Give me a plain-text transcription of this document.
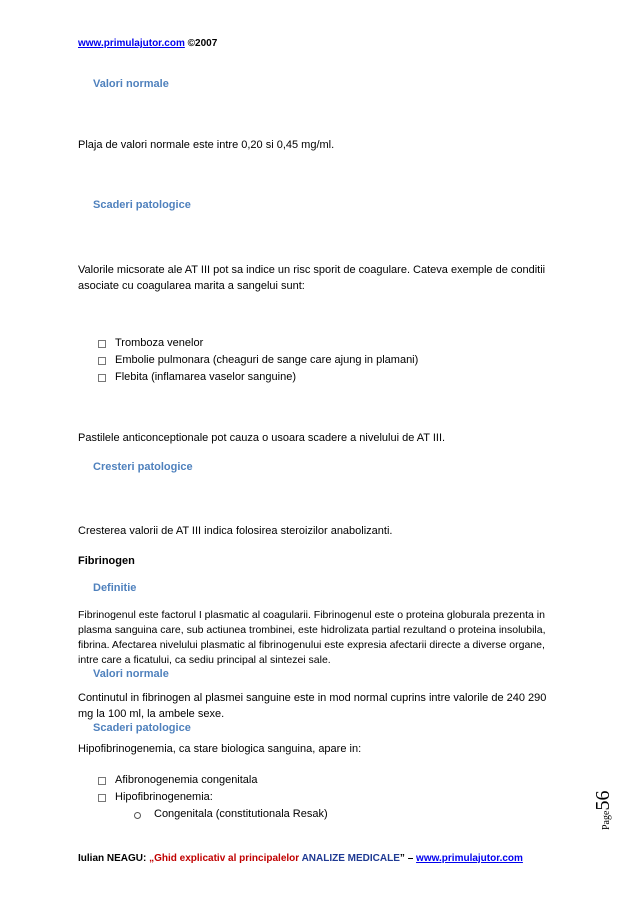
www.primulajutor.com ©2007
Valori normale
Plaja de valori normale este intre 0,20 si 0,45 mg/ml.
Scaderi patologice
Valorile micsorate ale AT III pot sa indice un risc sporit de coagulare. Cateva exemple de conditii asociate cu coagularea marita a sangelui sunt:
Tromboza venelor
Embolie pulmonara (cheaguri de sange care ajung in plamani)
Flebita (inflamarea vaselor sanguine)
Pastilele anticonceptionale pot cauza o usoara scadere a nivelului de AT III.
Cresteri patologice
Cresterea valorii de AT III indica folosirea steroizilor anabolizanti.
Fibrinogen
Definitie
Fibrinogenul este factorul I plasmatic al coagularii. Fibrinogenul este o proteina globurala prezenta in plasma sanguina care, sub actiunea trombinei, este hidrolizata partial rezultand o proteina insolubila, fibrina. Afectarea nivelului plasmatic al fibrinogenului este expresia afectarii directe a diverse organe, intre care a ficatului, ca sediu principal al sintezei sale.
Valori normale
Continutul in fibrinogen al plasmei sanguine este in mod normal cuprins intre valorile de 240 290 mg la 100 ml, la ambele sexe.
Scaderi patologice
Hipofibrinogenemia, ca stare biologica sanguina, apare in:
Afibronogenemia congenitala
Hipofibrinogenemia:
Congenitala (constitutionala Resak)	Page56
Iulian NEAGU: „Ghid explicativ al principalelor ANALIZE MEDICALE” – www.primulajutor.com
